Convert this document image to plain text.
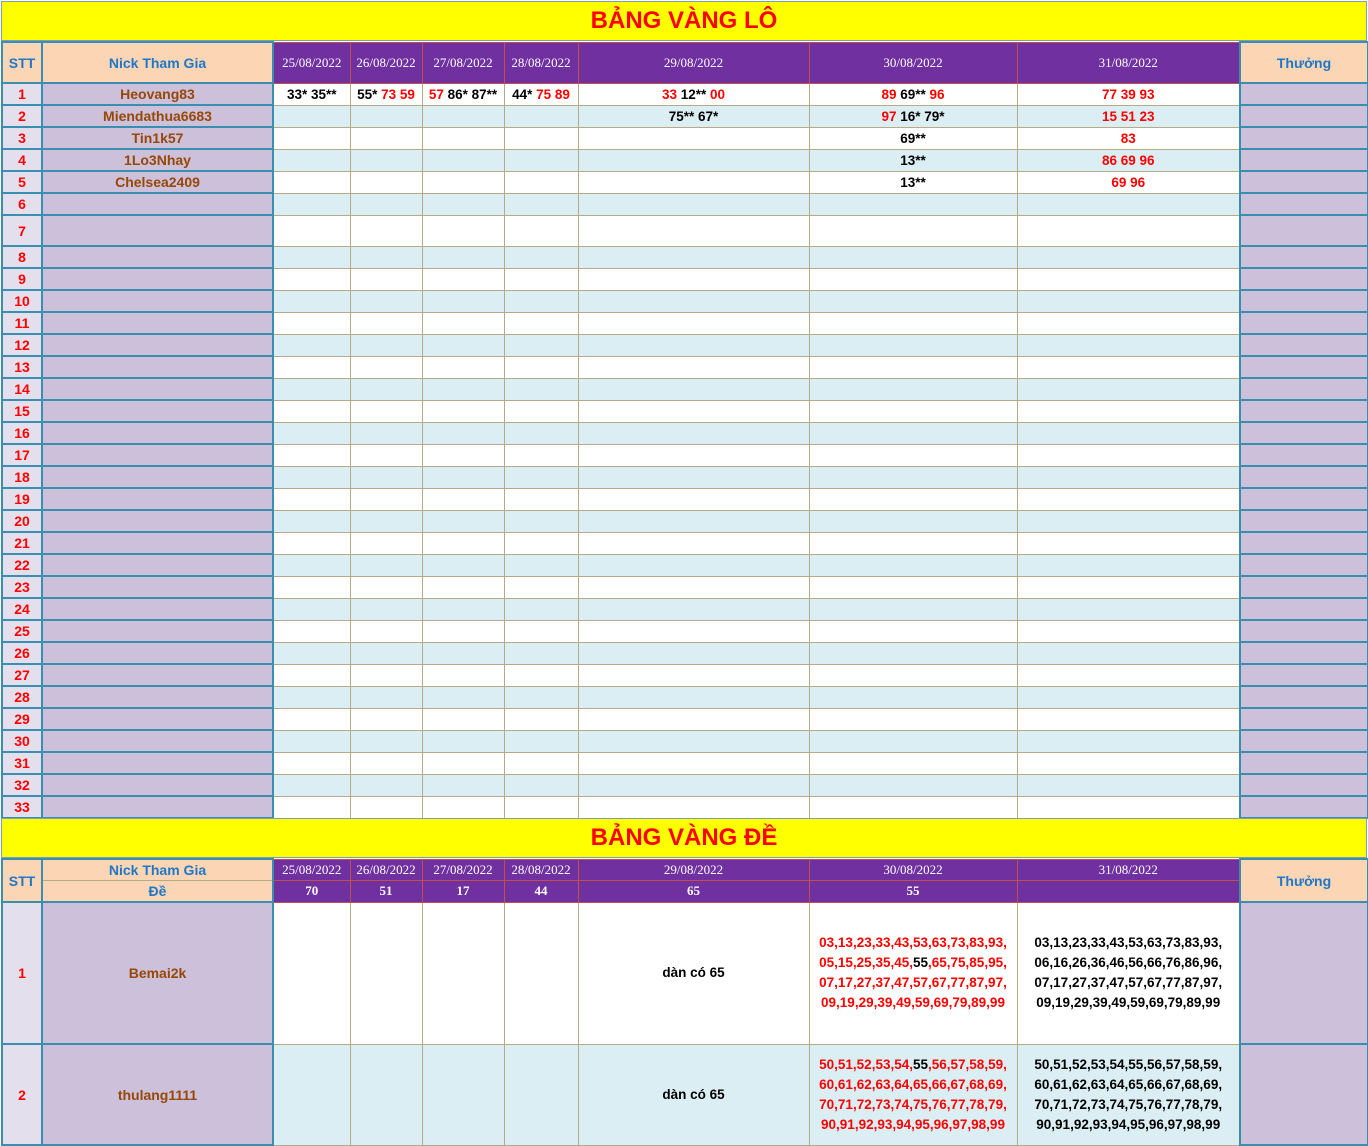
BẢNG VÀNG LÔ
STT	Nick Tham Gia	25/08/2022	26/08/2022	27/08/2022	28/08/2022	29/08/2022	30/08/2022	31/08/2022	Thưởng
1	Heovang83	33* 35**	55* 73 59	57 86* 87**	44* 75 89	33 12** 00	89 69** 96	77 39 93	
2	Miendathua6683					75** 67*	97 16* 79*	15 51 23	
3	Tin1k57						69**	83	
4	1Lo3Nhay						13**	86 69 96	
5	Chelsea2409						13**	69 96	
6									
7									
8									
9									
10									
11									
12									
13									
14									
15									
16									
17									
18									
19									
20									
21									
22									
23									
24									
25									
26									
27									
28									
29									
30									
31									
32									
33									
BẢNG VÀNG ĐỀ
STT	Nick Tham Gia	25/08/2022	26/08/2022	27/08/2022	28/08/2022	29/08/2022	30/08/2022	31/08/2022	Thưởng
	Đề	70	51	17	44	65	55		
1	Bemai2k					dàn có 65	03,13,23,33,43,53,63,73,83,93,
05,15,25,35,45,55,65,75,85,95,
07,17,27,37,47,57,67,77,87,97,
09,19,29,39,49,59,69,79,89,99	03,13,23,33,43,53,63,73,83,93,
06,16,26,36,46,56,66,76,86,96,
07,17,27,37,47,57,67,77,87,97,
09,19,29,39,49,59,69,79,89,99	
2	thulang1111					dàn có 65	50,51,52,53,54,55,56,57,58,59,
60,61,62,63,64,65,66,67,68,69,
70,71,72,73,74,75,76,77,78,79,
90,91,92,93,94,95,96,97,98,99	50,51,52,53,54,55,56,57,58,59,
60,61,62,63,64,65,66,67,68,69,
70,71,72,73,74,75,76,77,78,79,
90,91,92,93,94,95,96,97,98,99	
